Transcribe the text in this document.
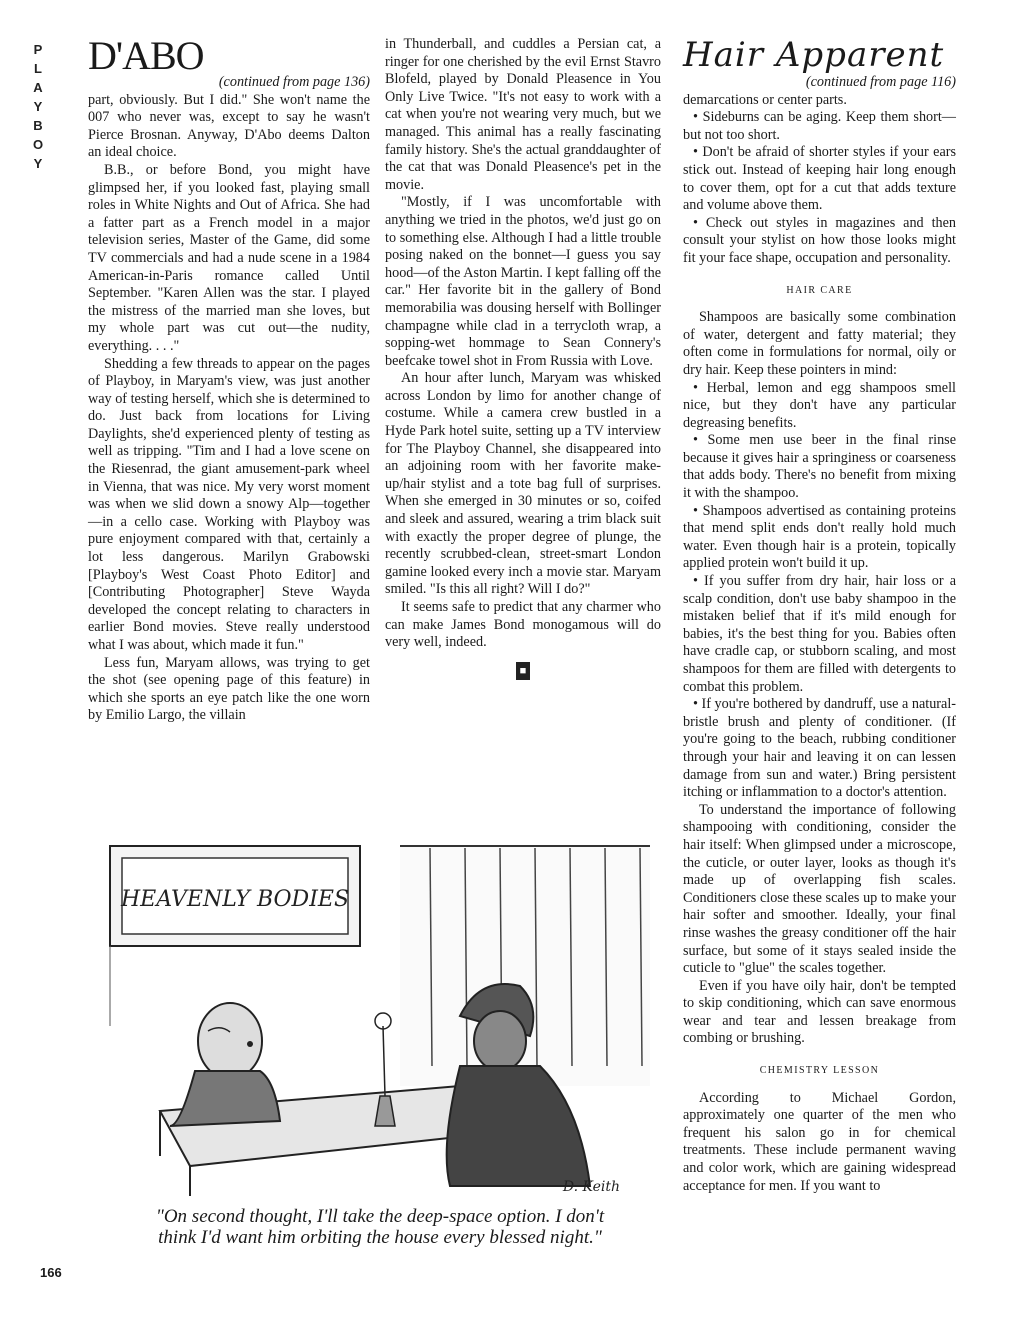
P
L
A
Y
B
O
Y
D'ABO

(continued from page 136)

part, obviously. But I did." She won't name the 007 who never was, except to say he wasn't Pierce Brosnan. Anyway, D'Abo deems Dalton an ideal choice.

B.B., or before Bond, you might have glimpsed her, if you looked fast, playing small roles in White Nights and Out of Africa. She had a fatter part as a French model in a major television series, Master of the Game, did some TV commercials and had a nude scene in a 1984 American-in-Paris romance called Until September. "Karen Allen was the star. I played the mistress of the married man she loves, but my whole part was cut out—the nudity, everything. . . ."

Shedding a few threads to appear on the pages of Playboy, in Maryam's view, was just another way of testing herself, which she is determined to do. Just back from locations for Living Daylights, she'd experienced plenty of testing as well as tripping. "Tim and I had a love scene on the Riesenrad, the giant amusement-park wheel in Vienna, that was nice. My very worst moment was when we slid down a snowy Alp—together—in a cello case. Working with Playboy was pure enjoyment compared with that, certainly a lot less dangerous. Marilyn Grabowski [Playboy's West Coast Photo Editor] and [Contributing Photographer] Steve Wayda developed the concept relating to characters in earlier Bond movies. Steve really understood what I was about, which made it fun."

Less fun, Maryam allows, was trying to get the shot (see opening page of this feature) in which she sports an eye patch like the one worn by Emilio Largo, the villain

in Thunderball, and cuddles a Persian cat, a ringer for one cherished by the evil Ernst Stavro Blofeld, played by Donald Pleasence in You Only Live Twice. "It's not easy to work with a cat when you're not wearing very much, but we managed. This animal has a really fascinating family history. She's the actual granddaughter of the cat that was Donald Pleasence's pet in the movie.

"Mostly, if I was uncomfortable with anything we tried in the photos, we'd just go on to something else. Although I had a little trouble posing naked on the bonnet—I guess you say hood—of the Aston Martin. I kept falling off the car." Her favorite bit in the gallery of Bond memorabilia was dousing herself with Bollinger champagne while clad in a terrycloth wrap, a sopping-wet hommage to Sean Connery's beefcake towel shot in From Russia with Love.

An hour after lunch, Maryam was whisked across London by limo for another change of costume. While a camera crew bustled in a Hyde Park hotel suite, setting up a TV interview for The Playboy Channel, she disappeared into an adjoining room with her favorite make-up/hair stylist and a tote bag full of surprises. When she emerged in 30 minutes or so, coifed and sleek and assured, wearing a trim black suit with exactly the proper degree of plunge, the recently scrubbed-clean, street-smart London gamine looked every inch a movie star. Maryam smiled. "Is this all right? Will I do?"

It seems safe to predict that any charmer who can make James Bond monogamous will do very well, indeed.

■
Hair Apparent

(continued from page 116)

demarcations or center parts.

• Sideburns can be aging. Keep them short—but not too short.

• Don't be afraid of shorter styles if your ears stick out. Instead of keeping hair long enough to cover them, opt for a cut that adds texture and volume above them.

• Check out styles in magazines and then consult your stylist on how those looks might fit your face shape, occupation and personality.

HAIR CARE

Shampoos are basically some combination of water, detergent and fatty material; they often come in formulations for normal, oily or dry hair. Keep these pointers in mind:

• Herbal, lemon and egg shampoos smell nice, but they don't have any particular degreasing benefits.

• Some men use beer in the final rinse because it gives hair a springiness or coarseness that adds body. There's no benefit from mixing it with the shampoo.

• Shampoos advertised as containing proteins that mend split ends don't really hold much water. Even though hair is a protein, topically applied protein won't build it up.

• If you suffer from dry hair, hair loss or a scalp condition, don't use baby shampoo in the mistaken belief that if it's mild enough for babies, it's the best thing for you. Babies often have cradle cap, or stubborn scaling, and most shampoos for them are filled with detergents to combat this problem.

• If you're bothered by dandruff, use a natural-bristle brush and plenty of conditioner. (If you're going to the beach, rubbing conditioner through your hair and leaving it on can lessen damage from sun and water.) Bring persistent itching or inflammation to a doctor's attention.

To understand the importance of following shampooing with conditioning, consider the hair itself: When glimpsed under a microscope, the cuticle, or outer layer, looks as though it's made up of overlapping fish scales. Conditioners close these scales up to make your hair softer and smoother. Ideally, your final rinse washes the greasy conditioner off the hair surface, but some of it stays sealed inside the cuticle to "glue" the scales together.

Even if you have oily hair, don't be tempted to skip conditioning, which can save enormous wear and tear and lessen breakage from combing or brushing.

CHEMISTRY LESSON

According to Michael Gordon, approximately one quarter of the men who frequent his salon go in for chemical treatments. These include permanent waving and color work, which are gaining widespread acceptance for men. If you want to

HEAVENLY BODIES
D. Keith
"On second thought, I'll take the deep-space option. I don't think I'd want him orbiting the house every blessed night."
166
